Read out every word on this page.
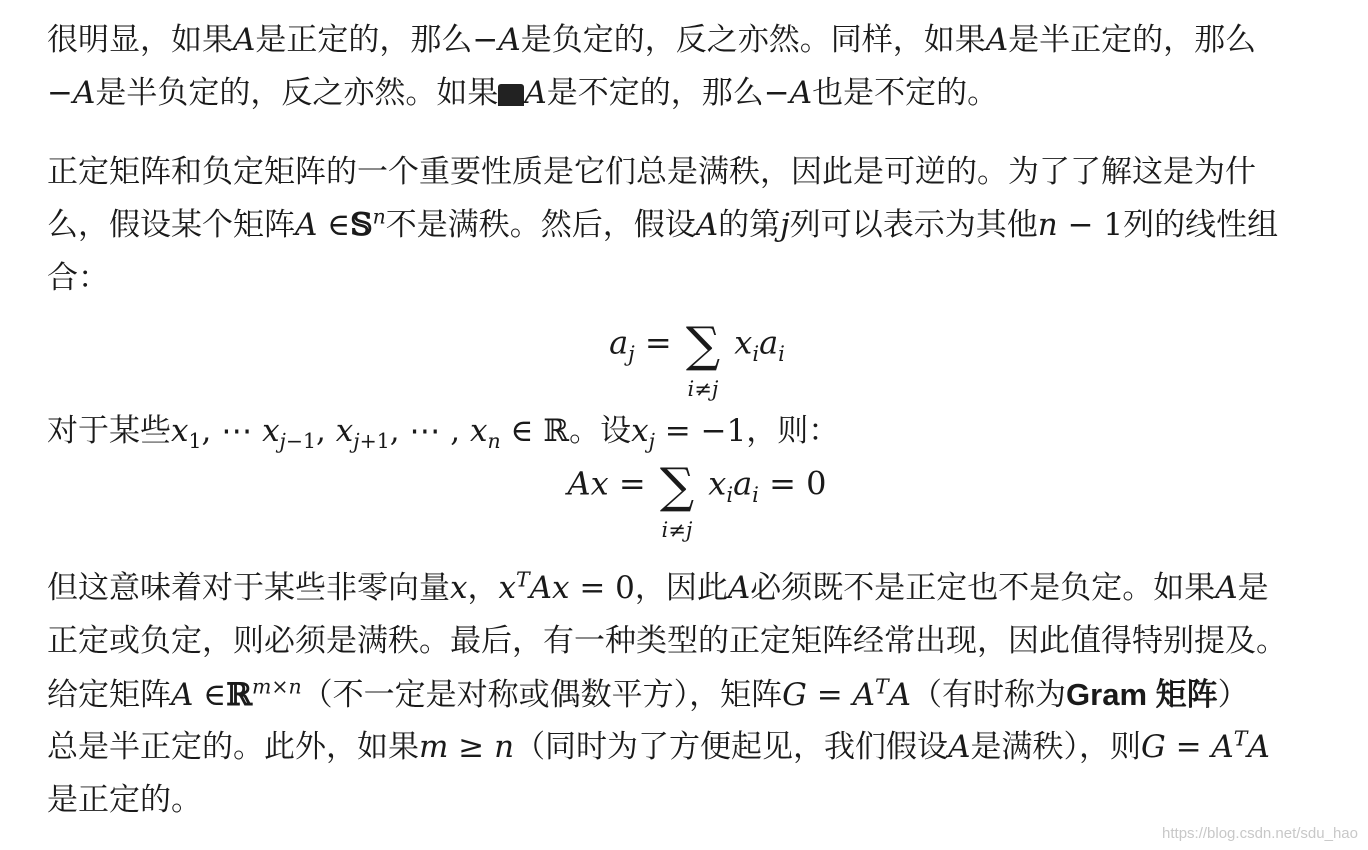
很明显，如果A是正定的，那么−A是负定的，反之亦然。同样，如果A是半正定的，那么
−A是半负定的，反之亦然。如果 A是不定的，那么−A也是不定的。
正定矩阵和负定矩阵的一个重要性质是它们总是满秩，因此是可逆的。为了了解这是为什
么，假设某个矩阵A ∈𝕊$^n$不是满秩。然后，假设A的第j列可以表示为其他n − 1列的线性组
合：
$a_j$ = ∑
i≠j
$x_ia_i$
对于某些$x_1$, ⋯ $x_{j-1}$, $x_{j+1}$, ⋯ , $x_n$ ∈ ℝ。设$x_j = -1$，则：
Ax = ∑
i≠j
$x_ia_i = 0$
但这意味着对于某些非零向量x，$x^TAx = 0$，因此A必须既不是正定也不是负定。如果A是
正定或负定，则必须是满秩。最后，有一种类型的正定矩阵经常出现，因此值得特别提及。
给定矩阵A ∈ℝ$^{m\times n}$（不一定是对称或偶数平方），矩阵$G = A^TA$（有时称为Gram 矩阵）
总是半正定的。此外，如果m ≥ n（同时为了方便起见，我们假设A是满秩），则$G = A^TA$
是正定的。
https://blog.csdn.net/sdu_hao
